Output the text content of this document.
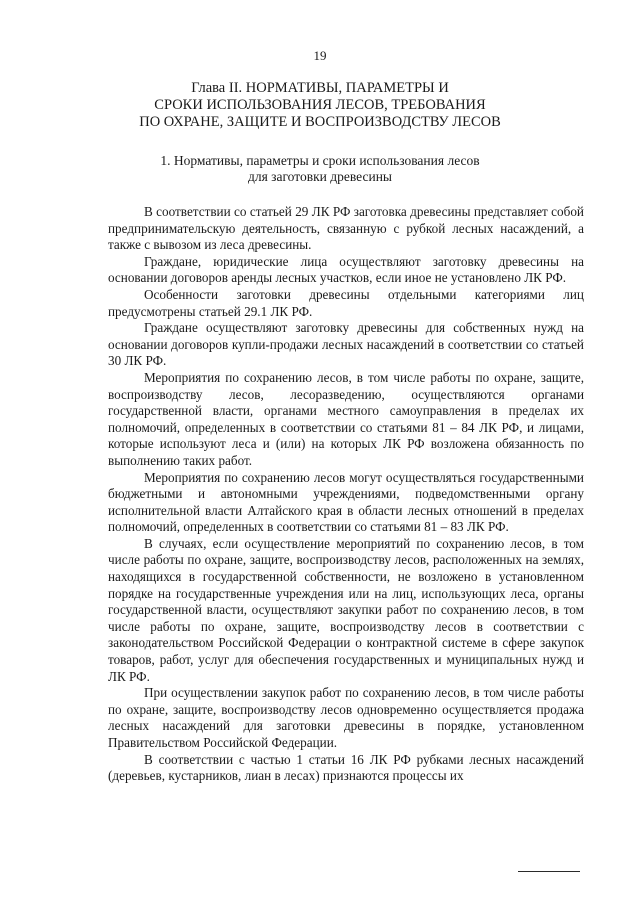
19
Глава II. НОРМАТИВЫ, ПАРАМЕТРЫ И
СРОКИ ИСПОЛЬЗОВАНИЯ ЛЕСОВ, ТРЕБОВАНИЯ
ПО ОХРАНЕ, ЗАЩИТЕ И ВОСПРОИЗВОДСТВУ ЛЕСОВ
1. Нормативы, параметры и сроки использования лесов
для заготовки древесины

В соответствии со статьей 29 ЛК РФ заготовка древесины представляет собой предпринимательскую деятельность, связанную с рубкой лесных насаждений, а также с вывозом из леса древесины.

Граждане, юридические лица осуществляют заготовку древесины на основании договоров аренды лесных участков, если иное не установлено ЛК РФ.

Особенности заготовки древесины отдельными категориями лиц предусмотрены статьей 29.1 ЛК РФ.

Граждане осуществляют заготовку древесины для собственных нужд на основании договоров купли-продажи лесных насаждений в соответствии со статьей 30 ЛК РФ.

Мероприятия по сохранению лесов, в том числе работы по охране, защите, воспроизводству лесов, лесоразведению, осуществляются органами государственной власти, органами местного самоуправления в пределах их полномочий, определенных в соответствии со статьями 81 – 84 ЛК РФ, и лицами, которые используют леса и (или) на которых ЛК РФ возложена обязанность по выполнению таких работ.

Мероприятия по сохранению лесов могут осуществляться государственными бюджетными и автономными учреждениями, подведомственными органу исполнительной власти Алтайского края в области лесных отношений в пределах полномочий, определенных в соответствии со статьями 81 – 83 ЛК РФ.

В случаях, если осуществление мероприятий по сохранению лесов, в том числе работы по охране, защите, воспроизводству лесов, расположенных на землях, находящихся в государственной собственности, не возложено в установленном порядке на государственные учреждения или на лиц, использующих леса, органы государственной власти, осуществляют закупки работ по сохранению лесов, в том числе работы по охране, защите, воспроизводству лесов в соответствии с законодательством Российской Федерации о контрактной системе в сфере закупок товаров, работ, услуг для обеспечения государственных и муниципальных нужд и ЛК РФ.

При осуществлении закупок работ по сохранению лесов, в том числе работы по охране, защите, воспроизводству лесов одновременно осуществляется продажа лесных насаждений для заготовки древесины в порядке, установленном Правительством Российской Федерации.

В соответствии с частью 1 статьи 16 ЛК РФ рубками лесных насаждений (деревьев, кустарников, лиан в лесах) признаются процессы их
